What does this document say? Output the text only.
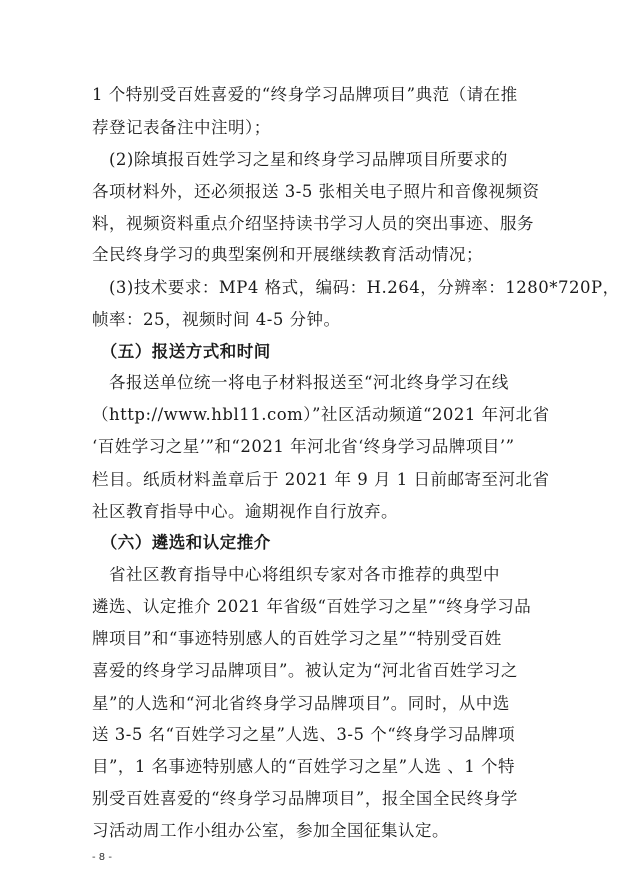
1 个特别受百姓喜爱的“终身学习品牌项目”典范（请在推
荐登记表备注中注明）；
　(2)除填报百姓学习之星和终身学习品牌项目所要求的
各项材料外，还必须报送 3-5 张相关电子照片和音像视频资
料，视频资料重点介绍坚持读书学习人员的突出事迹、服务
全民终身学习的典型案例和开展继续教育活动情况；
　(3)技术要求：MP4 格式，编码：H.264，分辨率：1280*720P，
帧率：25，视频时间 4-5 分钟。
　（五）报送方式和时间
　各报送单位统一将电子材料报送至“河北终身学习在线
（http://www.hbl11.com）”社区活动频道“2021 年河北省
‘百姓学习之星’”和“2021 年河北省‘终身学习品牌项目’”
栏目。纸质材料盖章后于 2021 年 9 月 1 日前邮寄至河北省
社区教育指导中心。逾期视作自行放弃。
　（六）遴选和认定推介
　省社区教育指导中心将组织专家对各市推荐的典型中
遴选、认定推介 2021 年省级“百姓学习之星”“终身学习品
牌项目”和“事迹特别感人的百姓学习之星”“特别受百姓
喜爱的终身学习品牌项目”。被认定为“河北省百姓学习之
星”的人选和“河北省终身学习品牌项目”。同时，从中选
送 3-5 名“百姓学习之星”人选、3-5 个“终身学习品牌项
目”，1 名事迹特别感人的“百姓学习之星”人选 、1 个特
别受百姓喜爱的“终身学习品牌项目”，报全国全民终身学
习活动周工作小组办公室，参加全国征集认定。
- 8 -
